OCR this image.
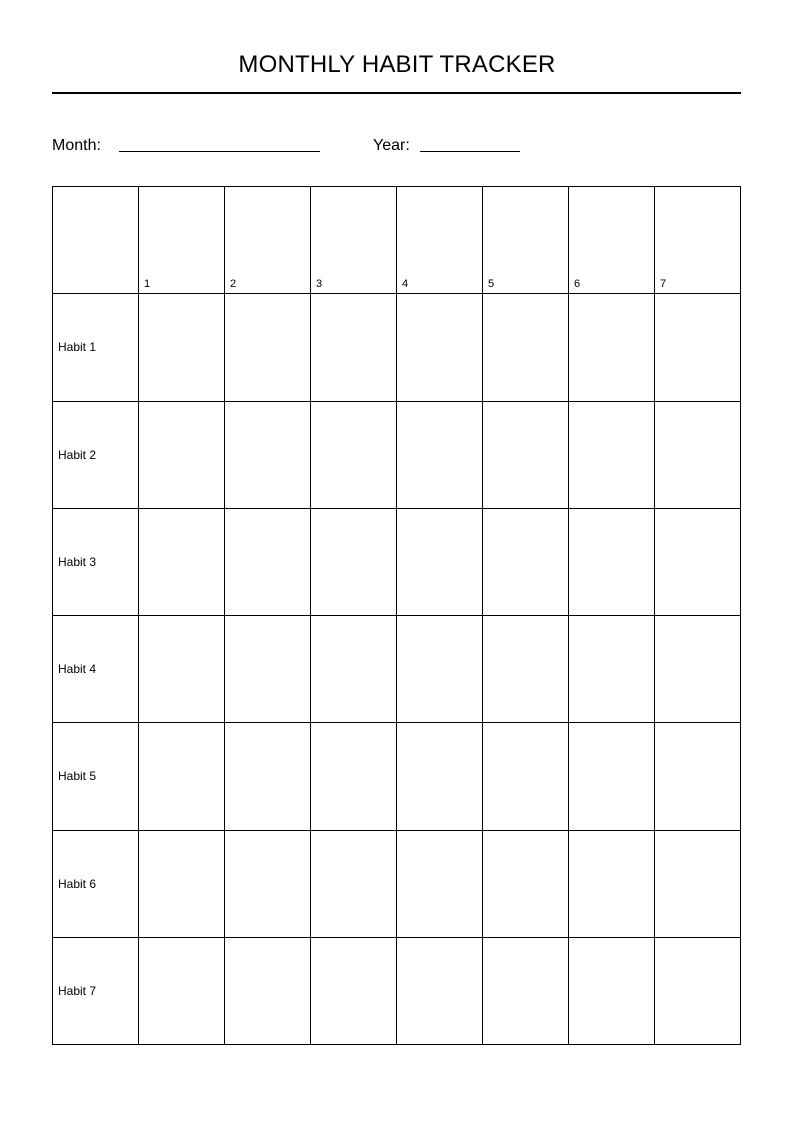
MONTHLY HABIT TRACKER
Month:	Year:
1	2	3	4	5	6	7
Habit 1
Habit 2
Habit 3
Habit 4
Habit 5
Habit 6
Habit 7
